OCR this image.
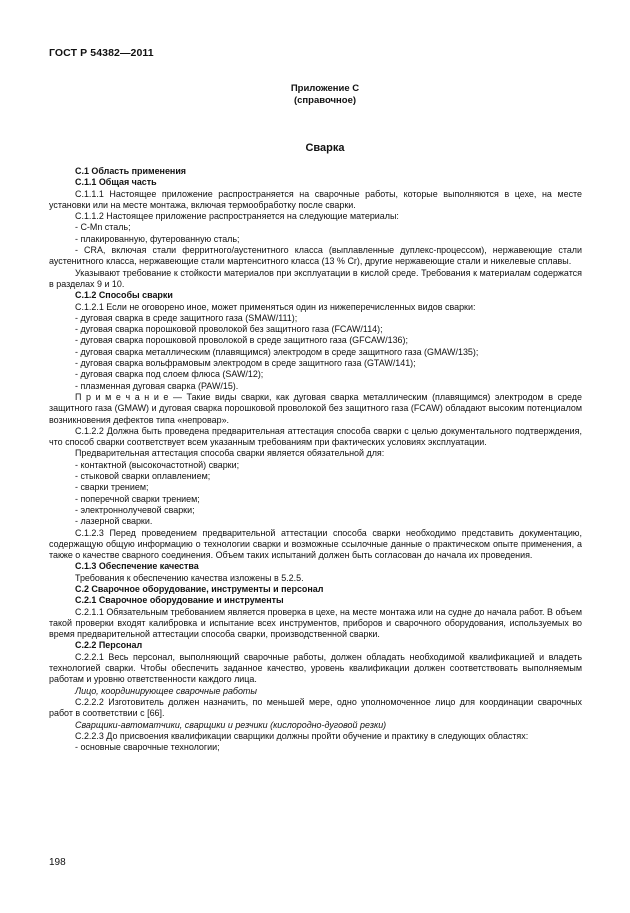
ГОСТ Р 54382—2011
Приложение С
(справочное)
Сварка

С.1 Область применения

С.1.1 Общая часть

С.1.1.1 Настоящее приложение распространяется на сварочные работы, которые выполняются в цехе, на месте установки или на месте монтажа, включая термообработку после сварки.

С.1.1.2 Настоящее приложение распространяется на следующие материалы:

- C-Mn сталь;

- плакированную, футерованную сталь;

- CRA, включая стали ферритного/аустенитного класса (выплавленные дуплекс-процессом), нержавеющие стали аустенитного класса, нержавеющие стали мартенситного класса (13 % Cr), другие нержавеющие стали и никелевые сплавы.

Указывают требование к стойкости материалов при эксплуатации в кислой среде. Требования к материалам содержатся в разделах 9 и 10.

С.1.2 Способы сварки

С.1.2.1 Если не оговорено иное, может применяться один из нижеперечисленных видов сварки:

- дуговая сварка в среде защитного газа (SMAW/111);

- дуговая сварка порошковой проволокой без защитного газа (FCAW/114);

- дуговая сварка порошковой проволокой в среде защитного газа (GFCAW/136);

- дуговая сварка металлическим (плавящимся) электродом в среде защитного газа (GMAW/135);

- дуговая сварка вольфрамовым электродом в среде защитного газа (GTAW/141);

- дуговая сварка под слоем флюса (SAW/12);

- плазменная дуговая сварка (PAW/15).

П р и м е ч а н и е — Такие виды сварки, как дуговая сварка металлическим (плавящимся) электродом в среде защитного газа (GMAW) и дуговая сварка порошковой проволокой без защитного газа (FCAW) обладают высоким потенциалом возникновения дефектов типа «непровар».

С.1.2.2 Должна быть проведена предварительная аттестация способа сварки с целью документального подтверждения, что способ сварки соответствует всем указанным требованиям при фактических условиях эксплуатации.

Предварительная аттестация способа сварки является обязательной для:

- контактной (высокочастотной) сварки;

- стыковой сварки оплавлением;

- сварки трением;

- поперечной сварки трением;

- электроннолучевой сварки;

- лазерной сварки.

С.1.2.3 Перед проведением предварительной аттестации способа сварки необходимо представить документацию, содержащую общую информацию о технологии сварки и возможные ссылочные данные о практическом опыте применения, а также о качестве сварного соединения. Объем таких испытаний должен быть согласован до начала их проведения.

С.1.3 Обеспечение качества

Требования к обеспечению качества изложены в 5.2.5.

С.2 Сварочное оборудование, инструменты и персонал

С.2.1 Сварочное оборудование и инструменты

С.2.1.1 Обязательным требованием является проверка в цехе, на месте монтажа или на судне до начала работ. В объем такой проверки входят калибровка и испытание всех инструментов, приборов и сварочного оборудования, используемых во время предварительной аттестации способа сварки, производственной сварки.

С.2.2 Персонал

С.2.2.1 Весь персонал, выполняющий сварочные работы, должен обладать необходимой квалификацией и владеть технологией сварки. Чтобы обеспечить заданное качество, уровень квалификации должен соответствовать выполняемым работам и уровню ответственности каждого лица.

Лицо, координирующее сварочные работы

С.2.2.2 Изготовитель должен назначить, по меньшей мере, одно уполномоченное лицо для координации сварочных работ в соответствии с [66].

Сварщики-автоматчики, сварщики и резчики (кислородно-дуговой резки)

С.2.2.3 До присвоения квалификации сварщики должны пройти обучение и практику в следующих областях:

- основные сварочные технологии;

198
